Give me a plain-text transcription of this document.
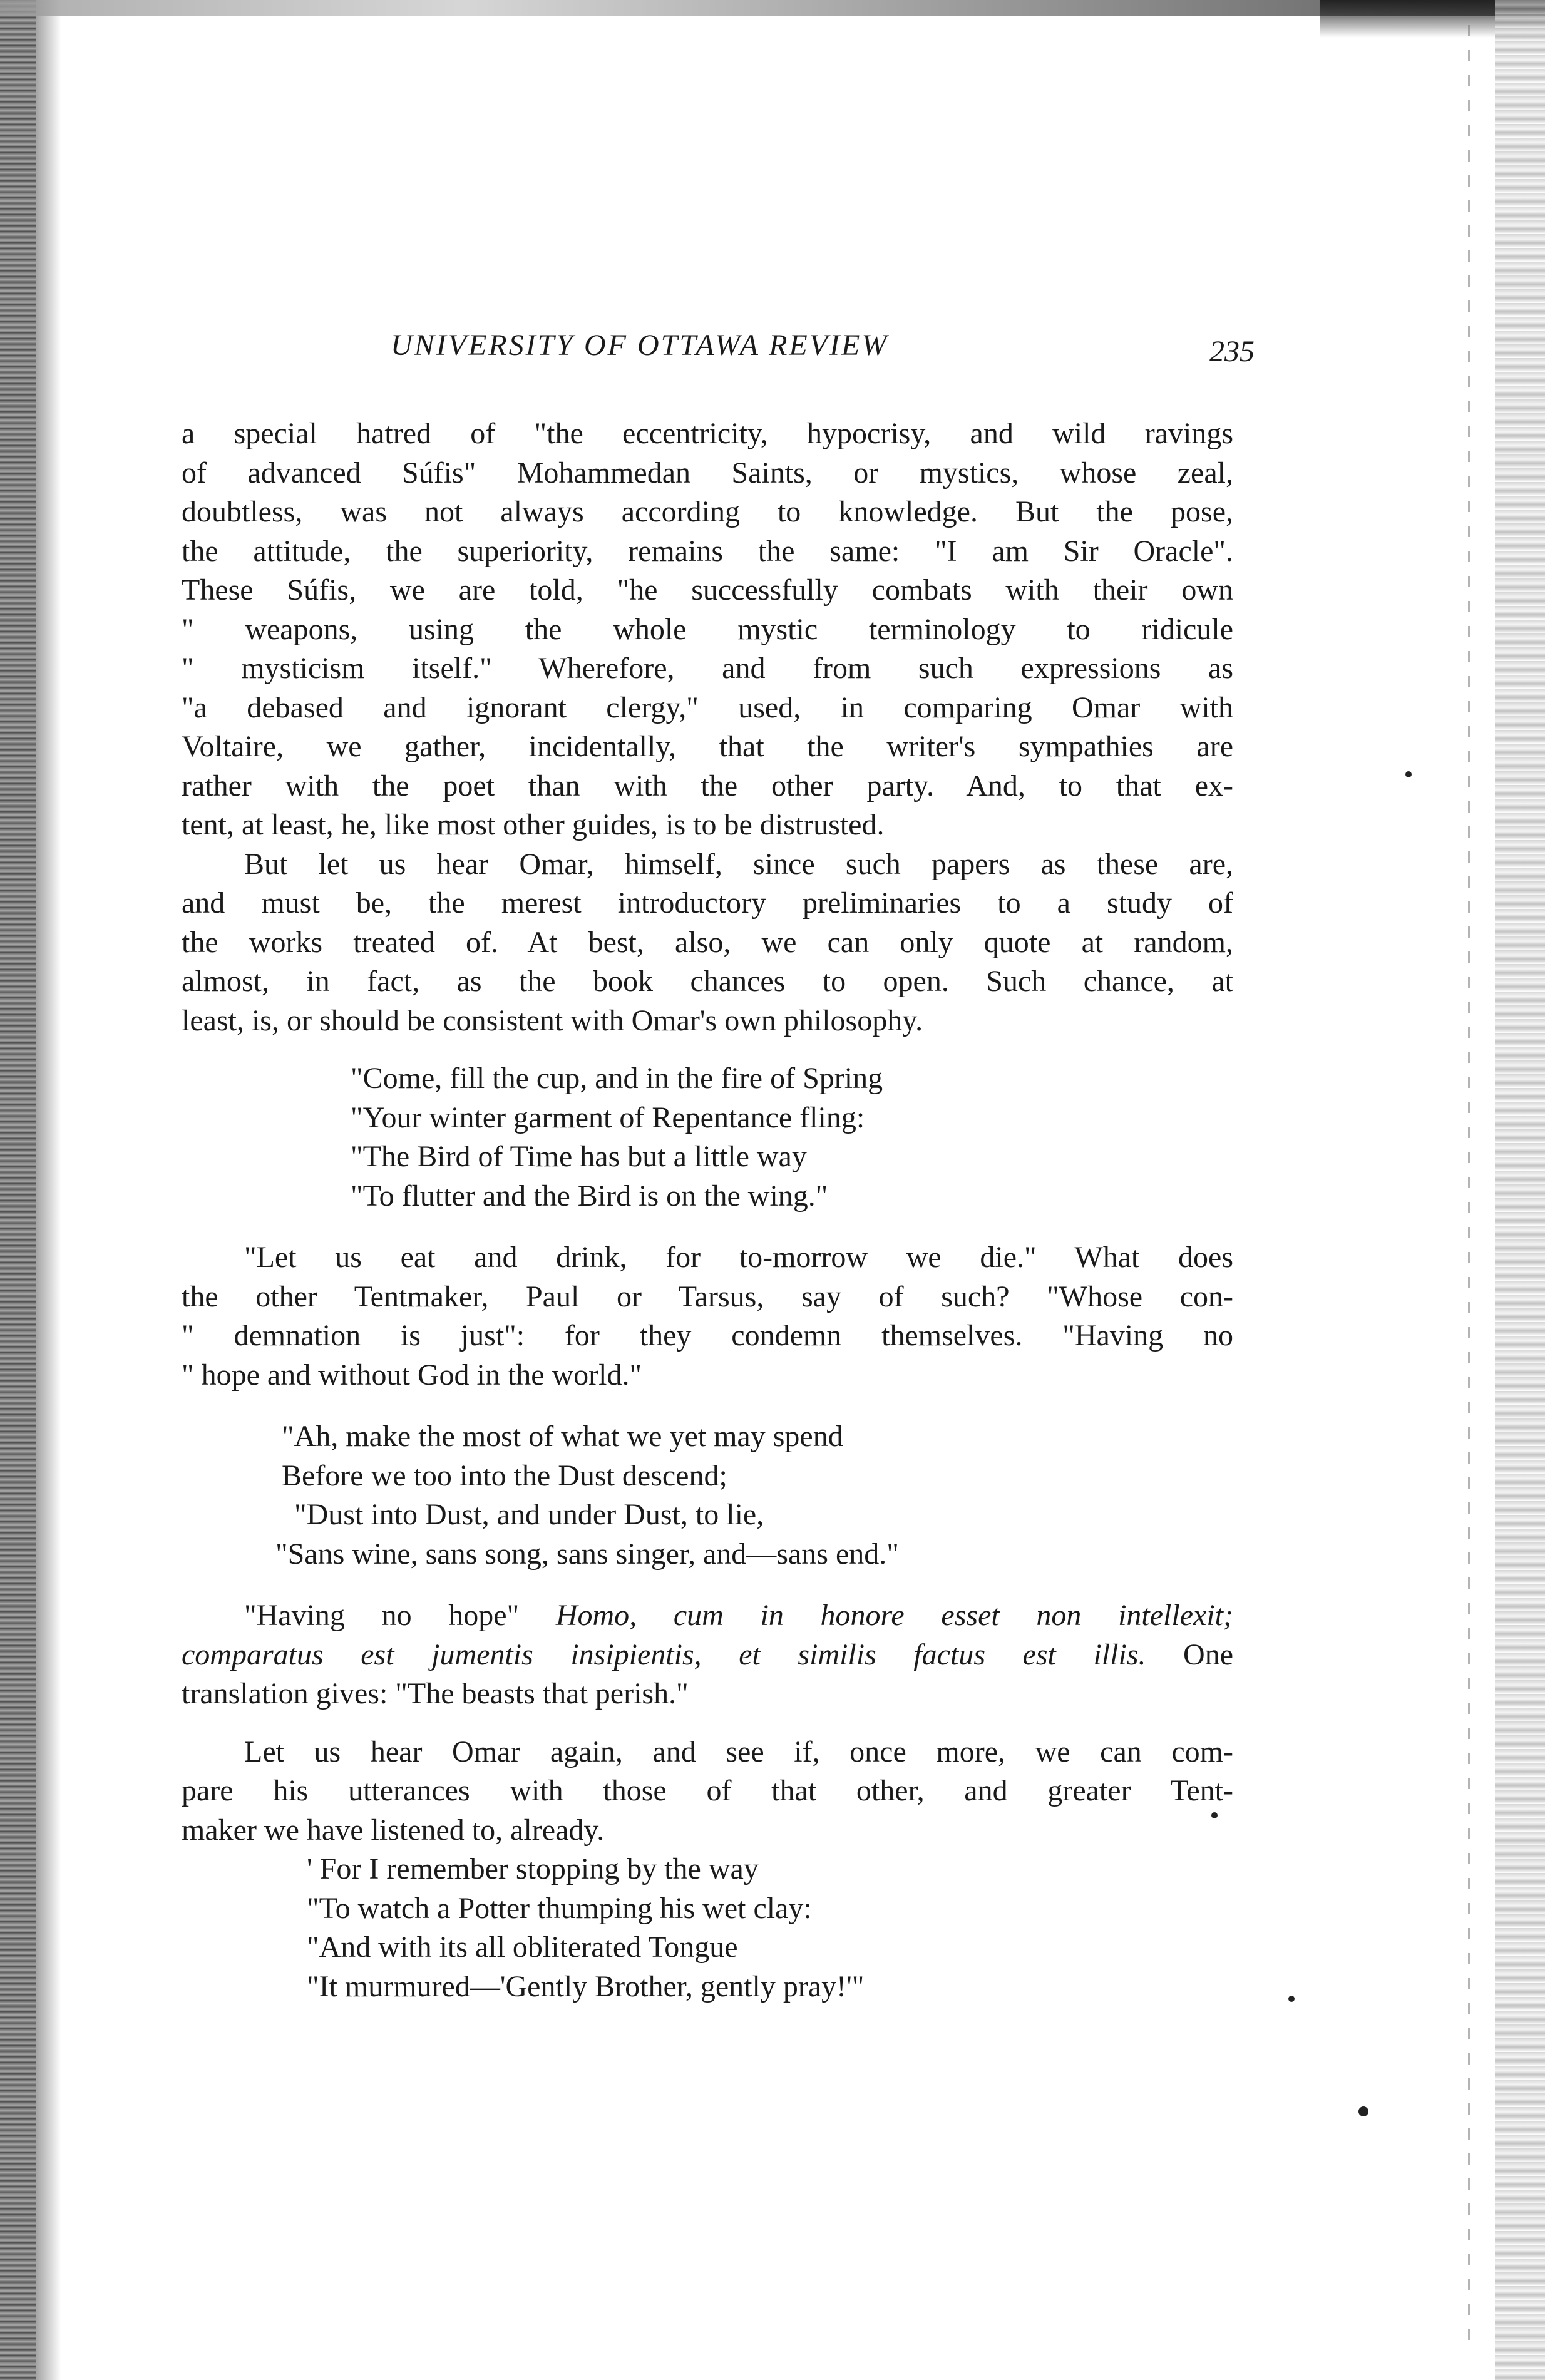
UNIVERSITY OF OTTAWA REVIEW	235
a special hatred of "the eccentricity, hypocrisy, and wild ravings
of advanced Súfis" Mohammedan Saints, or mystics, whose zeal,
doubtless, was not always according to knowledge. But the pose,
the attitude, the superiority, remains the same: "I am Sir Oracle".
These Súfis, we are told, "he successfully combats with their own
" weapons, using the whole mystic terminology to ridicule
" mysticism itself." Wherefore, and from such expressions as
"a debased and ignorant clergy," used, in comparing Omar with
Voltaire, we gather, incidentally, that the writer's sympathies are
rather with the poet than with the other party. And, to that ex-
tent, at least, he, like most other guides, is to be distrusted.
But let us hear Omar, himself, since such papers as these are,
and must be, the merest introductory preliminaries to a study of
the works treated of. At best, also, we can only quote at random,
almost, in fact, as the book chances to open. Such chance, at
least, is, or should be consistent with Omar's own philosophy.
"Come, fill the cup, and in the fire of Spring
"Your winter garment of Repentance fling:
"The Bird of Time has but a little way
"To flutter and the Bird is on the wing."
"Let us eat and drink, for to-morrow we die." What does
the other Tentmaker, Paul or Tarsus, say of such? "Whose con-
" demnation is just": for they condemn themselves. "Having no
" hope and without God in the world."
"Ah, make the most of what we yet may spend
Before we too into the Dust descend;
"Dust into Dust, and under Dust, to lie,
"Sans wine, sans song, sans singer, and—sans end."
"Having no hope" Homo, cum in honore esset non intellexit;
comparatus est jumentis insipientis, et similis factus est illis. One
translation gives: "The beasts that perish."
Let us hear Omar again, and see if, once more, we can com-
pare his utterances with those of that other, and greater Tent-
maker we have listened to, already.
' For I remember stopping by the way
"To watch a Potter thumping his wet clay:
"And with its all obliterated Tongue
"It murmured—'Gently Brother, gently pray!'"
